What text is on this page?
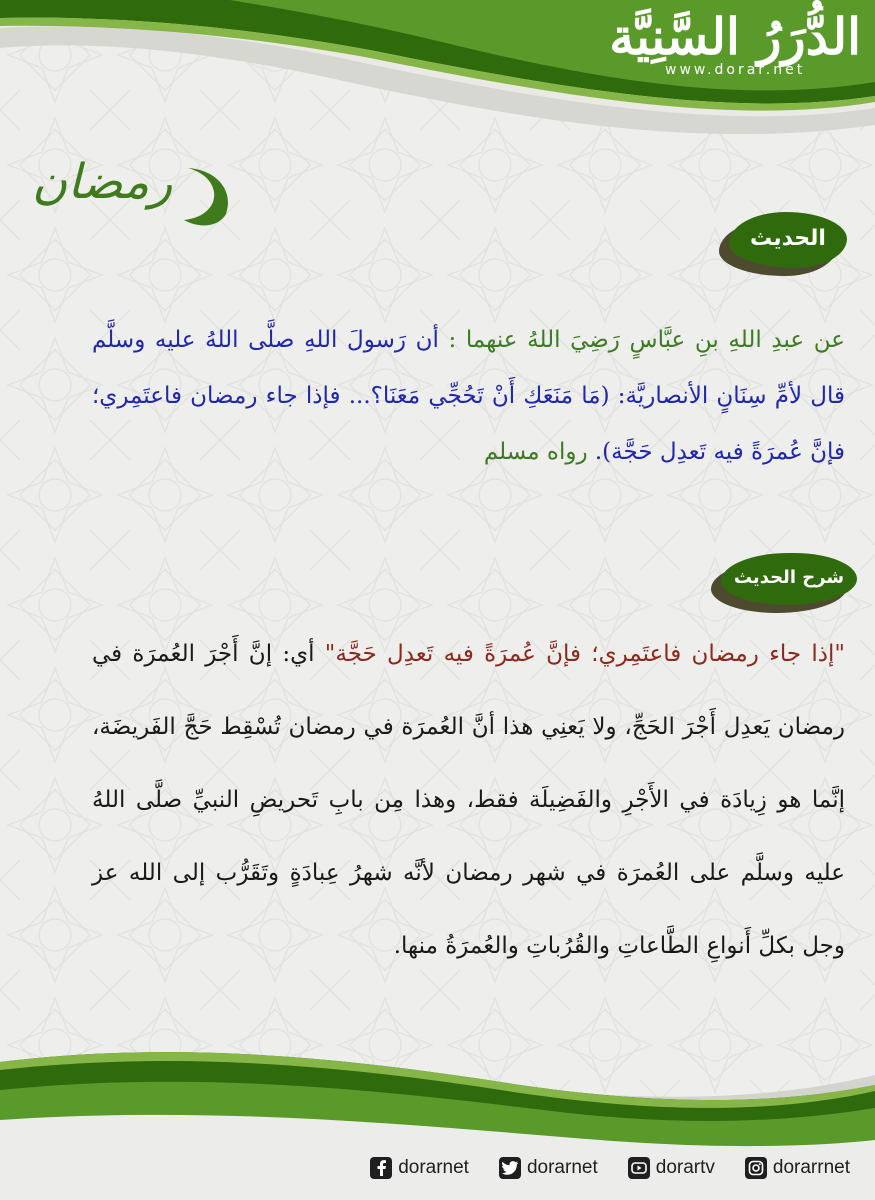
الدُّرَرُ السَّنِيَّة
www.dorar.net
رمضان
الحديث
عن عبدِ اللهِ بنِ عبَّاسٍ رَضِيَ اللهُ عنهما : أن رَسولَ اللهِ صلَّى اللهُ عليه وسلَّم قال لأمِّ سِنَانٍ الأنصاريَّة: (مَا مَنَعَكِ أَنْ تَحُجِّي مَعَنَا؟... فإذا جاء رمضان فاعتَمِري؛ فإنَّ عُمرَةً فيه تَعدِل حَجَّة). رواه مسلم
شرح الحديث
"إذا جاء رمضان فاعتَمِري؛ فإنَّ عُمرَةً فيه تَعدِل حَجَّة" أي: إنَّ أَجْرَ العُمرَة في رمضان يَعدِل أَجْرَ الحَجِّ، ولا يَعنِي هذا أنَّ العُمرَة في رمضان تُسْقِط حَجَّ الفَريضَة، إنَّما هو زِيادَة في الأَجْرِ والفَضِيلَة فقط، وهذا مِن بابِ تَحريضِ النبيِّ صلَّى اللهُ عليه وسلَّم على العُمرَة في شهر رمضان لأنَّه شهرُ عِبادَةٍ وتَقَرُّب إلى الله عز وجل بكلِّ أَنواعِ الطَّاعاتِ والقُرُباتِ والعُمرَةُ منها.
dorarnet	dorarnet	dorartv	dorarrnet
